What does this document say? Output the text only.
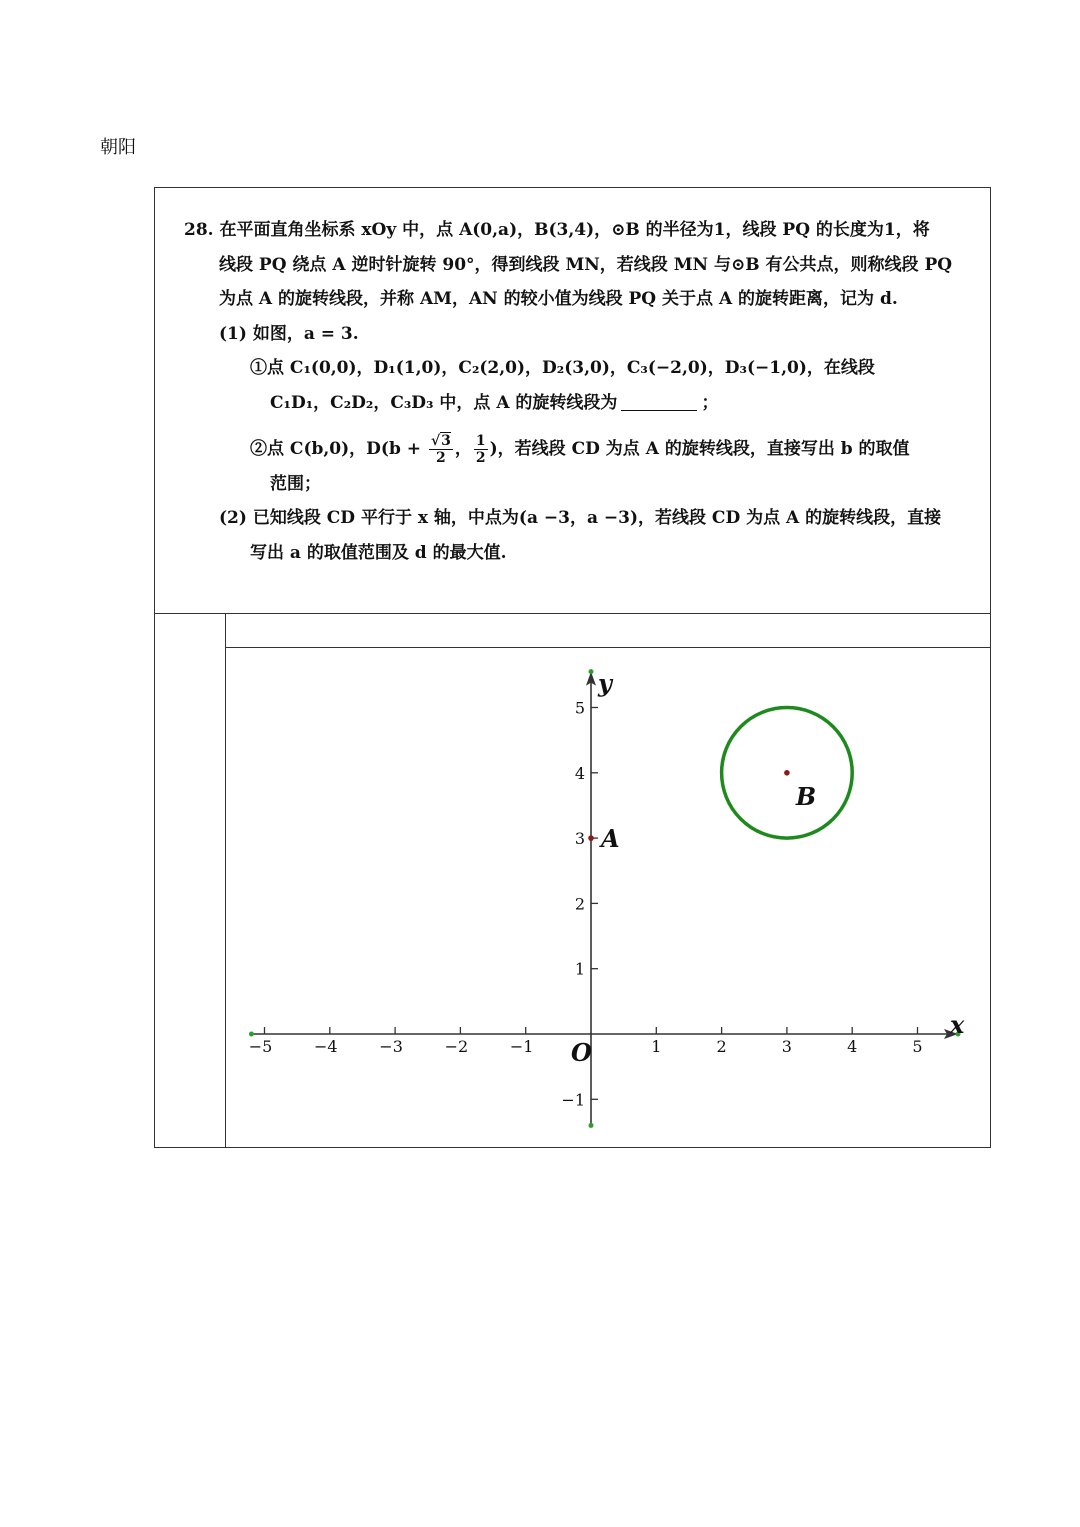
朝阳
28. 在平面直角坐标系 xOy 中，点 A(0,a)，B(3,4)，⊙B 的半径为1，线段 PQ 的长度为1，将
线段 PQ 绕点 A 逆时针旋转 90°，得到线段 MN，若线段 MN 与⊙B 有公共点，则称线段 PQ
为点 A 的旋转线段，并称 AM，AN 的较小值为线段 PQ 关于点 A 的旋转距离，记为 d.
(1) 如图，a = 3.
①点 C₁(0,0)，D₁(1,0)，C₂(2,0)，D₂(3,0)，C₃(−2,0)，D₃(−1,0)，在线段
C₁D₁，C₂D₂，C₃D₃ 中，点 A 的旋转线段为	；
②点 C(b,0)，$D(b + \frac{√3}{2}$ ， $\frac{1}{2}$ )，若线段 CD 为点 A 的旋转线段，直接写出 b 的取值
范围；
(2) 已知线段 CD 平行于 x 轴，中点为(a −3，a −3)，若线段 CD 为点 A 的旋转线段，直接
写出 a 的取值范围及 d 的最大值.
−5	−4	−3	−2	−1	1	2	3	4	5
5
4
3
2
1
−1
x
y
O
B
A
